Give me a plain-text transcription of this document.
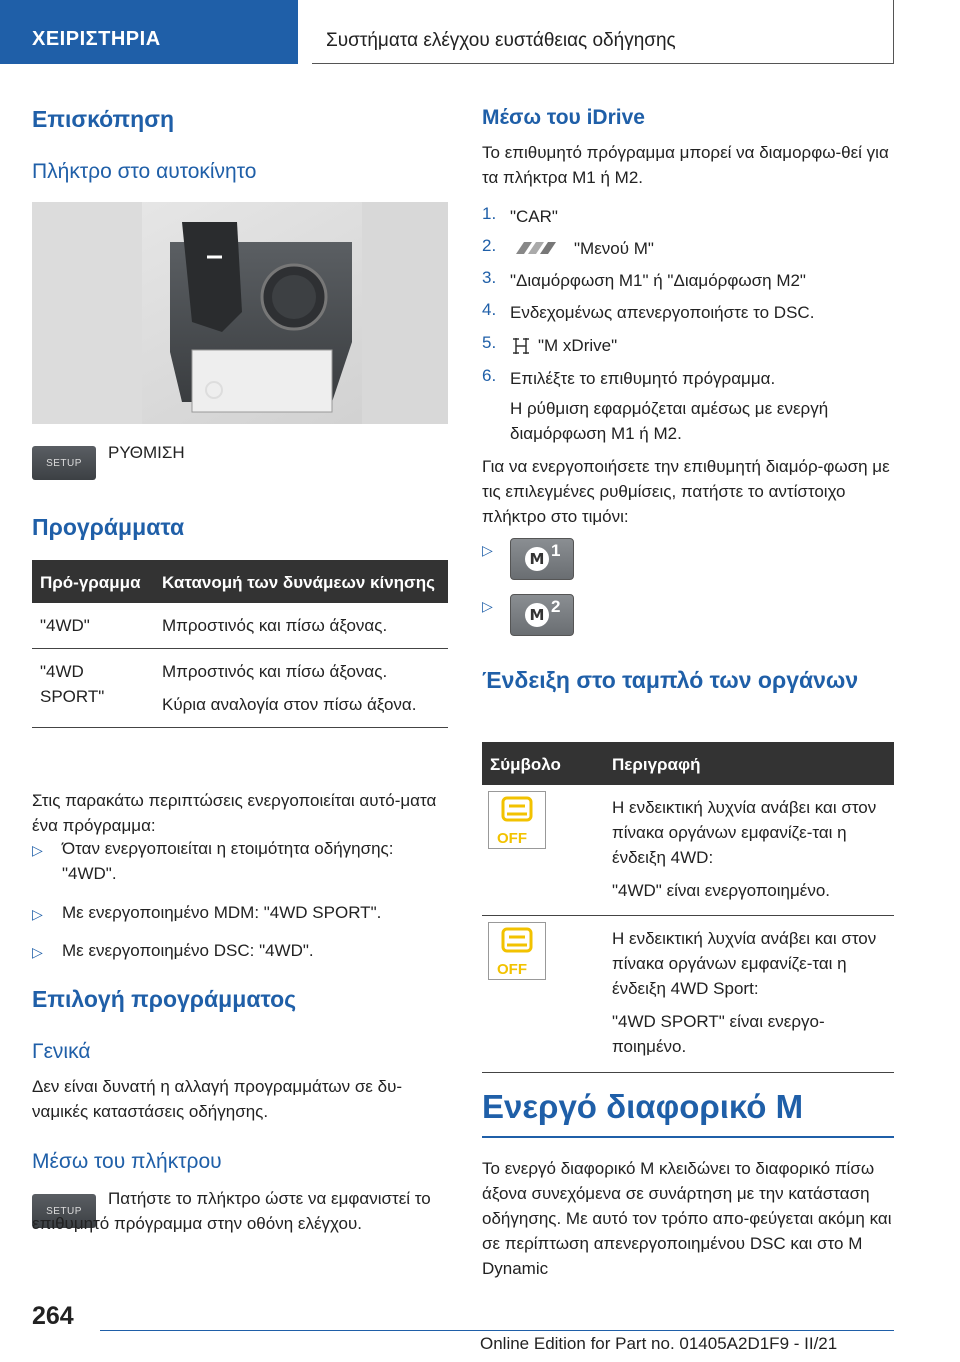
ΧΕΙΡΙΣΤΗΡΙΑ	Συστήματα ελέγχου ευστάθειας οδήγησης
Επισκόπηση
Πλήκτρο στο αυτοκίνητο
SETUP
ΡΥΘΜΙΣΗ
Προγράμματα
Πρό-γραμμα	Κατανομή των δυνάμεων κίνησης
"4WD"	Μπροστινός και πίσω άξονας.
"4WD SPORT"	Μπροστινός και πίσω άξονας.
Κύρια αναλογία στον πίσω άξονα.
Στις παρακάτω περιπτώσεις ενεργοποιείται αυτό-ματα ένα πρόγραμμα:
▷ Όταν ενεργοποιείται η ετοιμότητα οδήγησης: "4WD".
▷ Με ενεργοποιημένο MDM: "4WD SPORT".
▷ Με ενεργοποιημένο DSC: "4WD".
Επιλογή προγράμματος
Γενικά
Δεν είναι δυνατή η αλλαγή προγραμμάτων σε δυ-ναμικές καταστάσεις οδήγησης.
Μέσω του πλήκτρου
SETUP
Πατήστε το πλήκτρο ώστε να εμφανιστεί το επιθυμητό πρόγραμμα στην οθόνη ελέγχου.
Μέσω του iDrive
Το επιθυμητό πρόγραμμα μπορεί να διαμορφω-θεί για τα πλήκτρα M1 ή M2.
1. "CAR"
2.	"Μενού M"
3. "Διαμόρφωση M1" ή "Διαμόρφωση M2"
4. Ενδεχομένως απενεργοποιήστε το DSC.
5. "M xDrive"
6. Επιλέξτε το επιθυμητό πρόγραμμα.
Η ρύθμιση εφαρμόζεται αμέσως με ενεργή διαμόρφωση M1 ή M2.
Για να ενεργοποιήσετε την επιθυμητή διαμόρ-φωση με τις επιλεγμένες ρυθμίσεις, πατήστε το αντίστοιχο πλήκτρο στο τιμόνι:
▷	M 1
▷	M 2
Ένδειξη στο ταμπλό των οργάνων
Σύμβολο	Περιγραφή

OFF	Η ενδεικτική λυχνία ανάβει και στον πίνακα οργάνων εμφανίζε-ται η ένδειξη 4WD:
"4WD" είναι ενεργοποιημένο.

OFF	Η ενδεικτική λυχνία ανάβει και στον πίνακα οργάνων εμφανίζε-ται η ένδειξη 4WD Sport:
"4WD SPORT" είναι ενεργο-ποιημένο.
Ενεργό διαφορικό M
Το ενεργό διαφορικό M κλειδώνει το διαφορικό πίσω άξονα συνεχόμενα σε συνάρτηση με την κατάσταση οδήγησης. Με αυτό τον τρόπο απο-φεύγεται ακόμη και σε περίπτωση απενεργοποιημένου DSC και στο M Dynamic
264
Online Edition for Part no. 01405A2D1F9 - II/21
